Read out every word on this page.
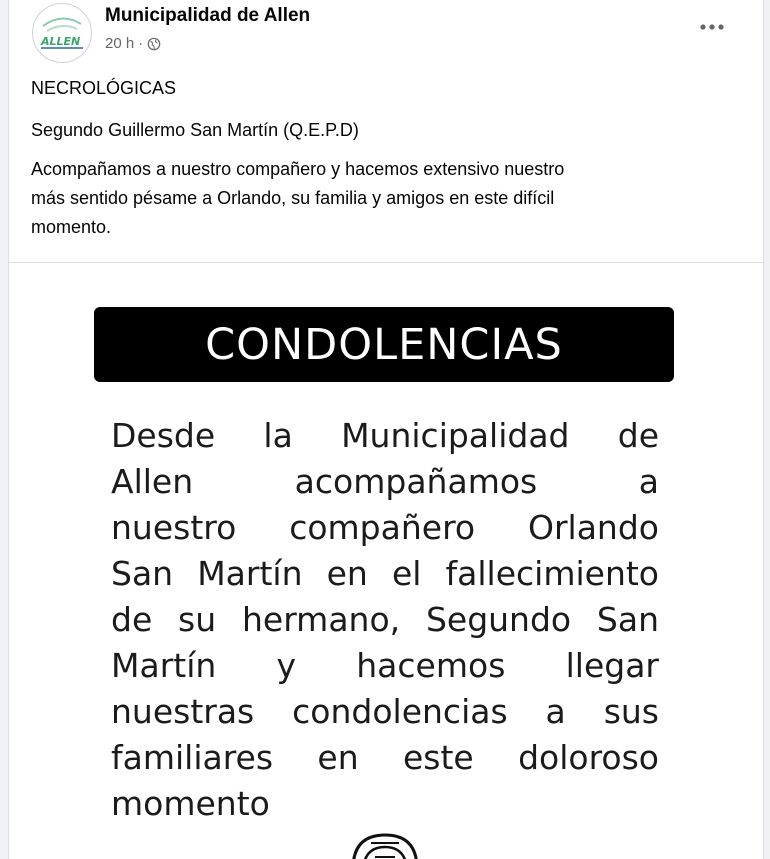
ALLEN
Municipalidad de Allen
20 h ·
NECROLÓGICAS
Segundo Guillermo San Martín (Q.E.P.D)
Acompañamos a nuestro compañero y hacemos extensivo nuestro
más sentido pésame a Orlando, su familia y amigos en este difícil
momento.
CONDOLENCIAS
Desde la Municipalidad de
Allen acompañamos a
nuestro compañero Orlando
San Martín en el fallecimiento
de su hermano, Segundo San
Martín y hacemos llegar
nuestras condolencias a sus
familiares en este doloroso
momento
